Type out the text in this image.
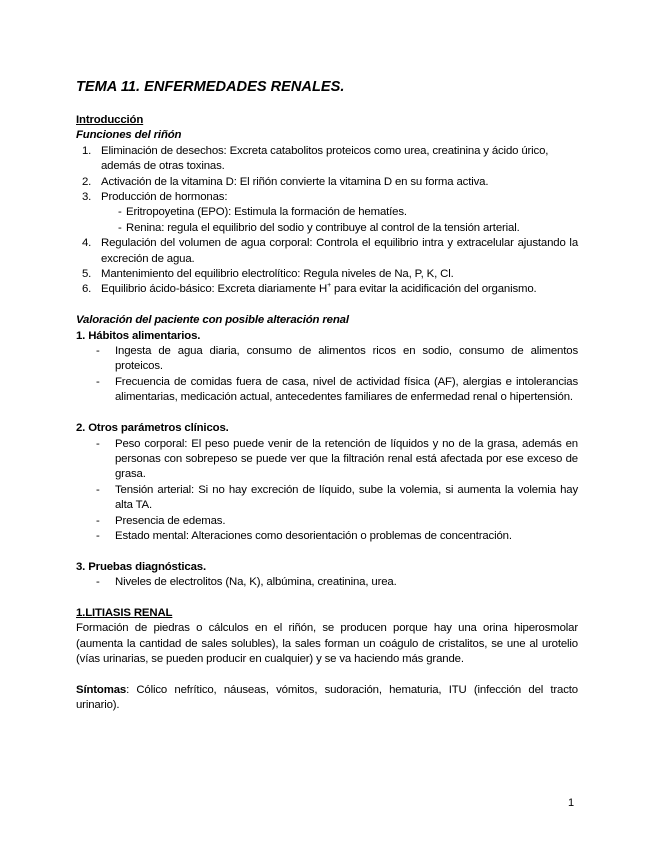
TEMA 11. ENFERMEDADES RENALES.

Introducción

Funciones del riñón

1. Eliminación de desechos: Excreta catabolitos proteicos como urea, creatinina y ácido úrico, además de otras toxinas.
2. Activación de la vitamina D: El riñón convierte la vitamina D en su forma activa.
3. Producción de hormonas:
- Eritropoyetina (EPO): Estimula la formación de hematíes.
- Renina: regula el equilibrio del sodio y contribuye al control de la tensión arterial.
4. Regulación del volumen de agua corporal: Controla el equilibrio intra y extracelular ajustando la excreción de agua.
5. Mantenimiento del equilibrio electrolítico: Regula niveles de Na, P, K, Cl.
6. Equilibrio ácido-básico: Excreta diariamente H+ para evitar la acidificación del organismo.

Valoración del paciente con posible alteración renal

1. Hábitos alimentarios.

- Ingesta de agua diaria, consumo de alimentos ricos en sodio, consumo de alimentos proteicos.
- Frecuencia de comidas fuera de casa, nivel de actividad física (AF), alergias e intolerancias alimentarias, medicación actual, antecedentes familiares de enfermedad renal o hipertensión.

2. Otros parámetros clínicos.

- Peso corporal: El peso puede venir de la retención de líquidos y no de la grasa, además en personas con sobrepeso se puede ver que la filtración renal está afectada por ese exceso de grasa.
- Tensión arterial: Si no hay excreción de líquido, sube la volemia, si aumenta la volemia hay alta TA.
- Presencia de edemas.
- Estado mental: Alteraciones como desorientación o problemas de concentración.

3. Pruebas diagnósticas.

- Niveles de electrolitos (Na, K), albúmina, creatinina, urea.

1.LITIASIS RENAL

Formación de piedras o cálculos en el riñón, se producen porque hay una orina hiperosmolar (aumenta la cantidad de sales solubles), la sales forman un coágulo de cristalitos, se une al urotelio (vías urinarias, se pueden producir en cualquier) y se va haciendo más grande.

Síntomas: Cólico nefrítico, náuseas, vómitos, sudoración, hematuria, ITU (infección del tracto urinario).

1
